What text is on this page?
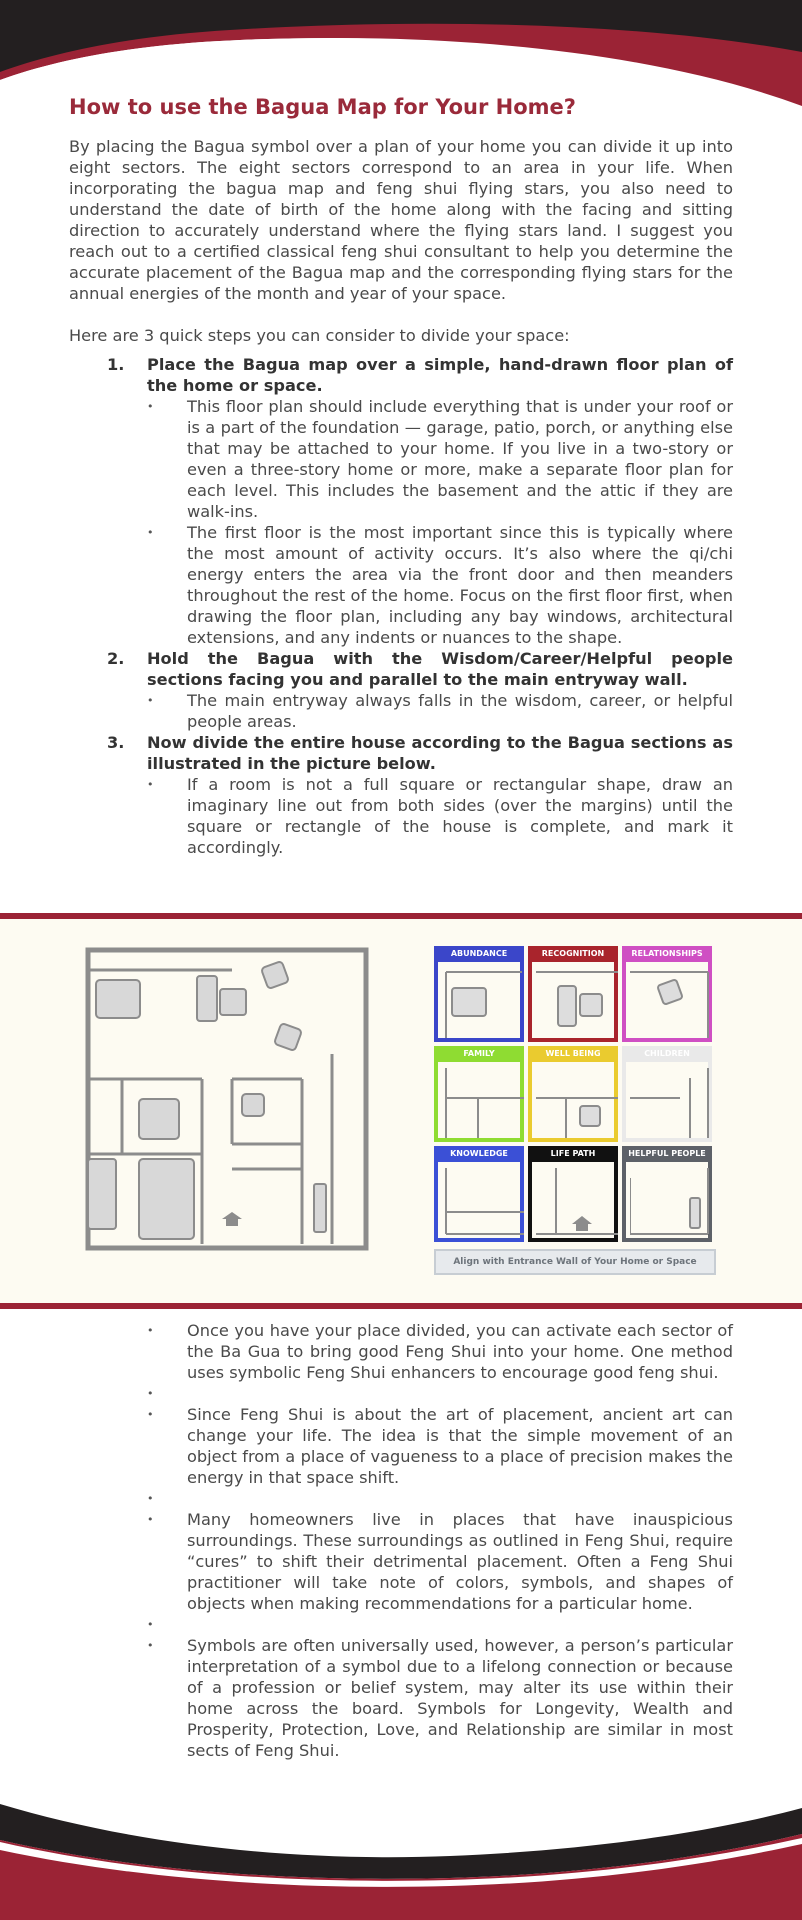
How to use the Bagua Map for Your Home?

By placing the Bagua symbol over a plan of your home you can divide it up into eight sectors. The eight sectors correspond to an area in your life. When incorporating the bagua map and feng shui flying stars, you also need to understand the date of birth of the home along with the facing and sitting direction to accurately understand where the flying stars land. I suggest you reach out to a certified classical feng shui consultant to help you determine the accurate placement of the Bagua map and the corresponding flying stars for the annual energies of the month and year of your space.

Here are 3 quick steps you can consider to divide your space:

1. Place the Bagua map over a simple, hand-drawn floor plan of the home or space.
• This floor plan should include everything that is under your roof or is a part of the foundation — garage, patio, porch, or anything else that may be attached to your home. If you live in a two-story or even a three-story home or more, make a separate floor plan for each level. This includes the basement and the attic if they are walk-ins.
• The first floor is the most important since this is typically where the most amount of activity occurs. It’s also where the qi/chi energy enters the area via the front door and then meanders throughout the rest of the home. Focus on the first floor first, when drawing the floor plan, including any bay windows, architectural extensions, and any indents or nuances to the shape.
2. Hold the Bagua with the Wisdom/Career/Helpful people sections facing you and parallel to the main entryway wall.
• The main entryway always falls in the wisdom, career, or helpful people areas.
3. Now divide the entire house according to the Bagua sections as illustrated in the picture below.
• If a room is not a full square or rectangular shape, draw an imaginary line out from both sides (over the margins) until the square or rectangle of the house is complete, and mark it accordingly.
ABUNDANCE	RECOGNITION	RELATIONSHIPS
FAMILY	WELL BEING	CHILDREN
KNOWLEDGE	LIFE PATH	HELPFUL PEOPLE
Align with Entrance Wall of Your Home or Space
• Once you have your place divided, you can activate each sector of the Ba Gua to bring good Feng Shui into your home. One method uses symbolic Feng Shui enhancers to encourage good feng shui.
•
• Since Feng Shui is about the art of placement, ancient art can change your life. The idea is that the simple movement of an object from a place of vagueness to a place of precision makes the energy in that space shift.
•
• Many homeowners live in places that have inauspicious surroundings. These surroundings as outlined in Feng Shui, require “cures” to shift their detrimental placement. Often a Feng Shui practitioner will take note of colors, symbols, and shapes of objects when making recommendations for a particular home.
•
• Symbols are often universally used, however, a person’s particular interpretation of a symbol due to a lifelong connection or because of a profession or belief system, may alter its use within their home across the board. Symbols for Longevity, Wealth and Prosperity, Protection, Love, and Relationship are similar in most sects of Feng Shui.
